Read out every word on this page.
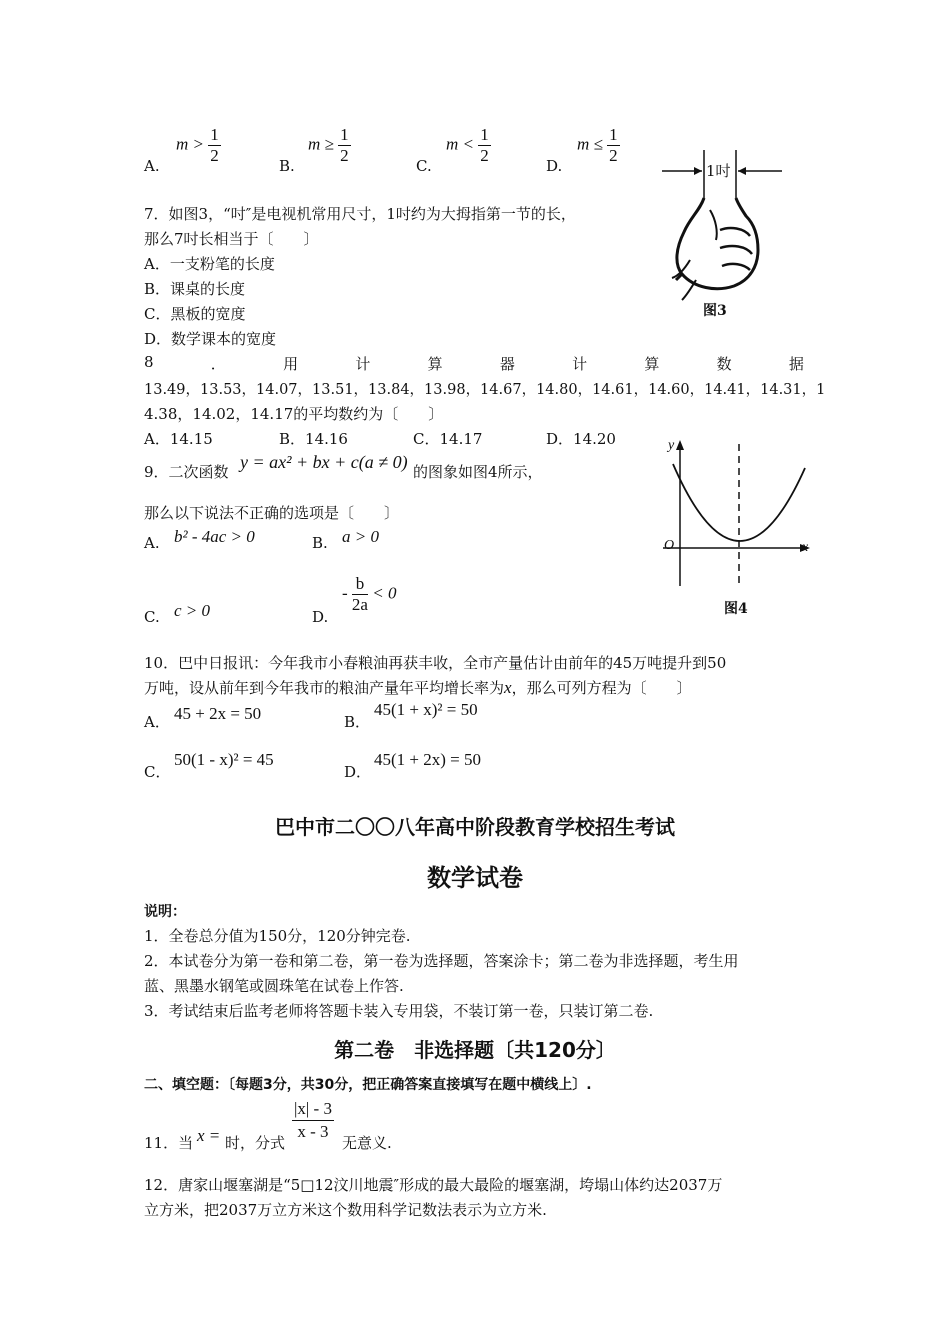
A.
$m > \frac{1}{2}$	B.
$m \ge \frac{1}{2}$	C.
$m < \frac{1}{2}$	D.
$m \le \frac{1}{2}$
1吋
图3
7．如图3，“吋″是电视机常用尺寸，1吋约为大拇指第一节的长，
那么7吋长相当于〔　　〕
A．一支粉笔的长度
B．课桌的长度
C．黑板的宽度
D．数学课本的宽度
8	．	用	计	算	器	计	算	数	据
13.49，13.53，14.07，13.51，13.84，13.98，14.67，14.80，14.61，14.60，14.41，14.31，1
4.38，14.02，14.17的平均数约为〔　　〕
A．14.15	B．14.16	C．14.17	D．14.20	y
x
O
图4
9．二次函数 y = ax² + bx + c(a ≠ 0) 的图象如图4所示，
那么以下说法不正确的选项是〔　　〕
A. b² - 4ac > 0	B. a > 0
C. c > 0	D.
- $\frac{b}{2a} < 0$
10．巴中日报讯：今年我市小春粮油再获丰收，全市产量估计由前年的45万吨提升到50
万吨，设从前年到今年我市的粮油产量年平均增长率为x，那么可列方程为〔　　〕
A． 45 + 2x = 50	B．
45(1 + x)² = 50
C．
50(1 - x)² = 45
D．
45(1 + 2x) = 50
巴中市二〇〇八年高中阶段教育学校招生考试
数学试卷
说明：
1．全卷总分值为150分，120分钟完卷.
2．本试卷分为第一卷和第二卷，第一卷为选择题，答案涂卡；第二卷为非选择题，考生用
蓝、黑墨水钢笔或圆珠笔在试卷上作答.
3．考试结束后监考老师将答题卡装入专用袋，不装订第一卷，只装订第二卷.
第二卷　非选择题〔共120分〕
二、填空题：〔每题3分，共30分，把正确答案直接填写在题中横线上〕.
11．当 x = 时，分式 $\frac{|x| - 3}{x - 3}$ 无意义.
12．唐家山堰塞湖是“5□12汶川地震″形成的最大最险的堰塞湖，垮塌山体约达2037万
立方米，把2037万立方米这个数用科学记数法表示为立方米.
